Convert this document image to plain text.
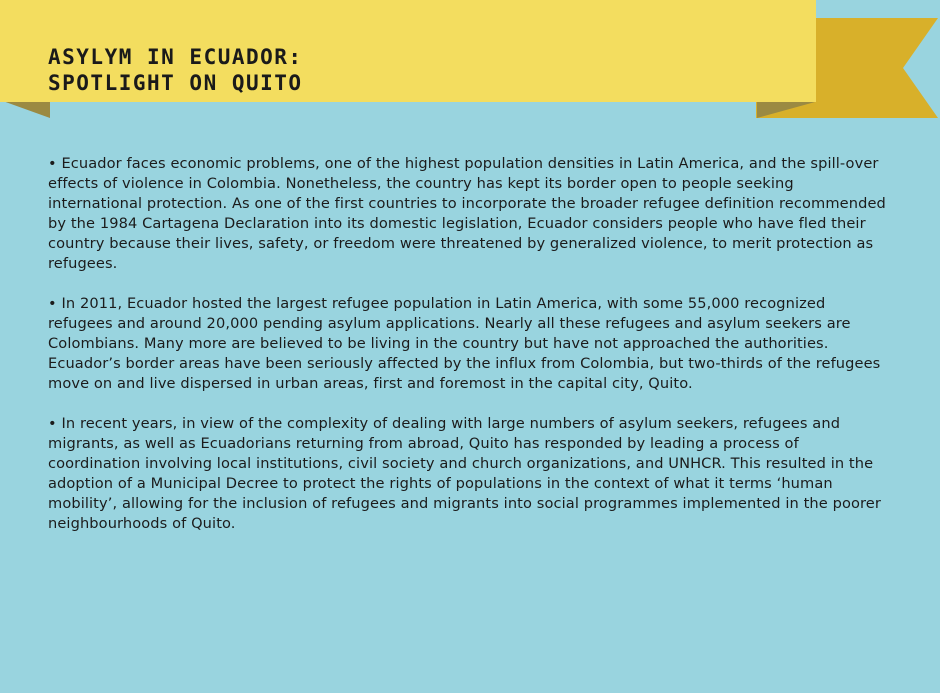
ASYLYM IN ECUADOR:
SPOTLIGHT ON QUITO

• Ecuador faces economic problems, one of the highest population densities in Latin America, and the spill-over effects of violence in Colombia. Nonetheless, the country has kept its border open to people seeking international protection. As one of the first countries to incorporate the broader refugee definition recommended by the 1984 Cartagena Declaration into its domestic legislation, Ecuador considers people who have fled their country because their lives, safety, or freedom were threatened by generalized violence, to merit protection as refugees.

• In 2011, Ecuador hosted the largest refugee population in Latin America, with some 55,000 recognized refugees and around 20,000 pending asylum applications. Nearly all these refugees and asylum seekers are Colombians. Many more are believed to be living in the country but have not approached the authorities. Ecuador’s border areas have been seriously affected by the influx from Colombia, but two-thirds of the refugees move on and live dispersed in urban areas, first and foremost in the capital city, Quito.

• In recent years, in view of the complexity of dealing with large numbers of asylum seekers, refugees and migrants, as well as Ecuadorians returning from abroad, Quito has responded by leading a process of coordination involving local institutions, civil society and church organizations, and UNHCR. This resulted in the adoption of a Municipal Decree to protect the rights of populations in the context of what it terms ‘human mobility’, allowing for the inclusion of refugees and migrants into social programmes implemented in the poorer neighbourhoods of Quito.
